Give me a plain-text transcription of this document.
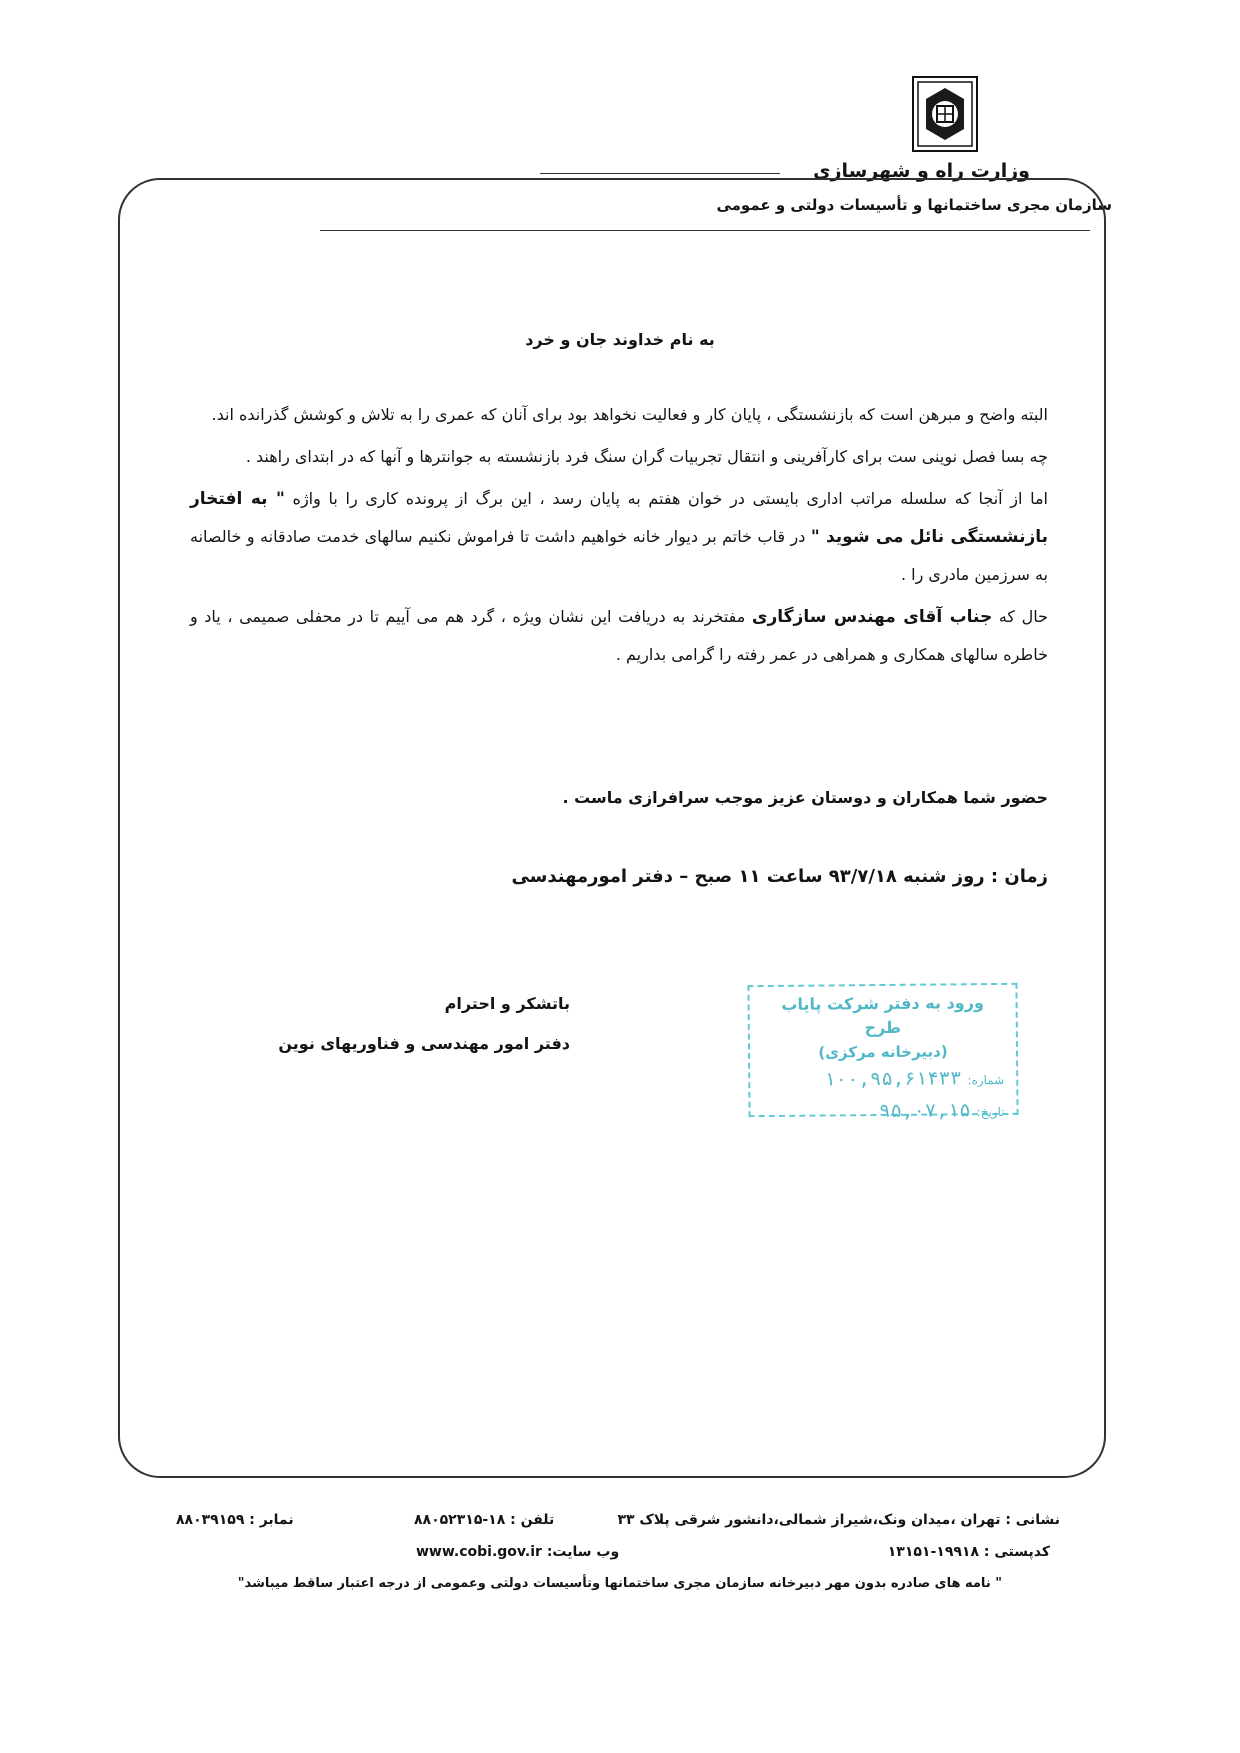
وزارت راه و شهرسازی
سازمان مجری ساختمانها و تأسیسات دولتی و عمومی
به نام خداوند جان و خرد

البته واضح و مبرهن است که بازنشستگی ، پایان کار و فعالیت نخواهد بود برای آنان که عمری را به تلاش و کوشش گذرانده اند.

چه بسا فصل نوینی ست برای کارآفرینی و انتقال تجربیات گران سنگ فرد بازنشسته به جوانترها و آنها که در ابتدای راهند .

اما از آنجا که سلسله مراتب اداری بایستی در خوان هفتم به پایان رسد ، این برگ از پرونده کاری را با واژه " به افتخار بازنشستگی نائل می شوید " در قاب خاتم بر دیوار خانه خواهیم داشت تا فراموش نکنیم سالهای خدمت صادقانه و خالصانه به سرزمین مادری را .

حال که جناب آقای مهندس سازگاری مفتخرند به دریافت این نشان ویژه ، گرد هم می آییم تا در محفلی صمیمی ، یاد و خاطره سالهای همکاری و همراهی در عمر رفته را گرامی بداریم .

حضور شما همکاران و دوستان عزیز موجب سرافرازی ماست .
زمان : روز شنبه ۹۳/۷/۱۸ ساعت ۱۱ صبح – دفتر امورمهندسی
باتشکر و احترام
دفتر امور مهندسی و فناوریهای نوین
ورود به دفتر شرکت پایاب طرح
(دبیرخانه مرکزی)
شماره:۱۰۰,۹۵,۶۱۴۳۳
تاریخ:۹۵,۰۷,۱۵
نشانی : تهران ،میدان ونک،شیراز شمالی،دانشور شرقی پلاک ۳۳
تلفن : ۱۸-۸۸۰۵۲۳۱۵
نمابر : ۸۸۰۳۹۱۵۹
کدپستی : ۱۹۹۱۸-۱۳۱۵۱
وب سایت: www.cobi.gov.ir
" نامه های صادره بدون مهر دبیرخانه سازمان مجری ساختمانها وتأسیسات دولتی وعمومی از درجه اعتبار ساقط میباشد"
